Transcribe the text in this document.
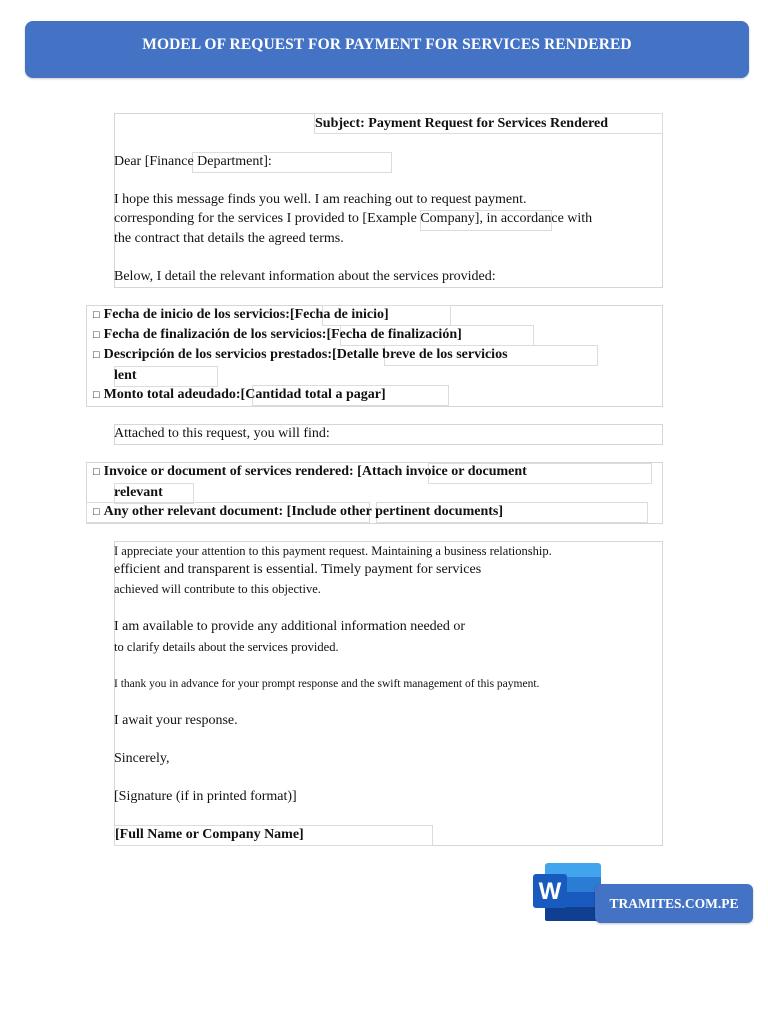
MODEL OF REQUEST FOR PAYMENT FOR SERVICES RENDERED
Subject: Payment Request for Services Rendered
Dear [Finance Department]:
I hope this message finds you well. I am reaching out to request payment.
corresponding for the services I provided to [Example Company], in accordance with
the contract that details the agreed terms.
Below, I detail the relevant information about the services provided:
□ Fecha de inicio de los servicios:[Fecha de inicio]
□ Fecha de finalización de los servicios:[Fecha de finalización]
□ Descripción de los servicios prestados:[Detalle breve de los servicios
lent
□ Monto total adeudado:[Cantidad total a pagar]
Attached to this request, you will find:
□ Invoice or document of services rendered: [Attach invoice or document
relevant
□ Any other relevant document: [Include other pertinent documents]
I appreciate your attention to this payment request. Maintaining a business relationship.
efficient and transparent is essential. Timely payment for services
achieved will contribute to this objective.
I am available to provide any additional information needed or
to clarify details about the services provided.
I thank you in advance for your prompt response and the swift management of this payment.
I await your response.
Sincerely,
[Signature (if in printed format)]
[Full Name or Company Name]
W	TRAMITES.COM.PE
